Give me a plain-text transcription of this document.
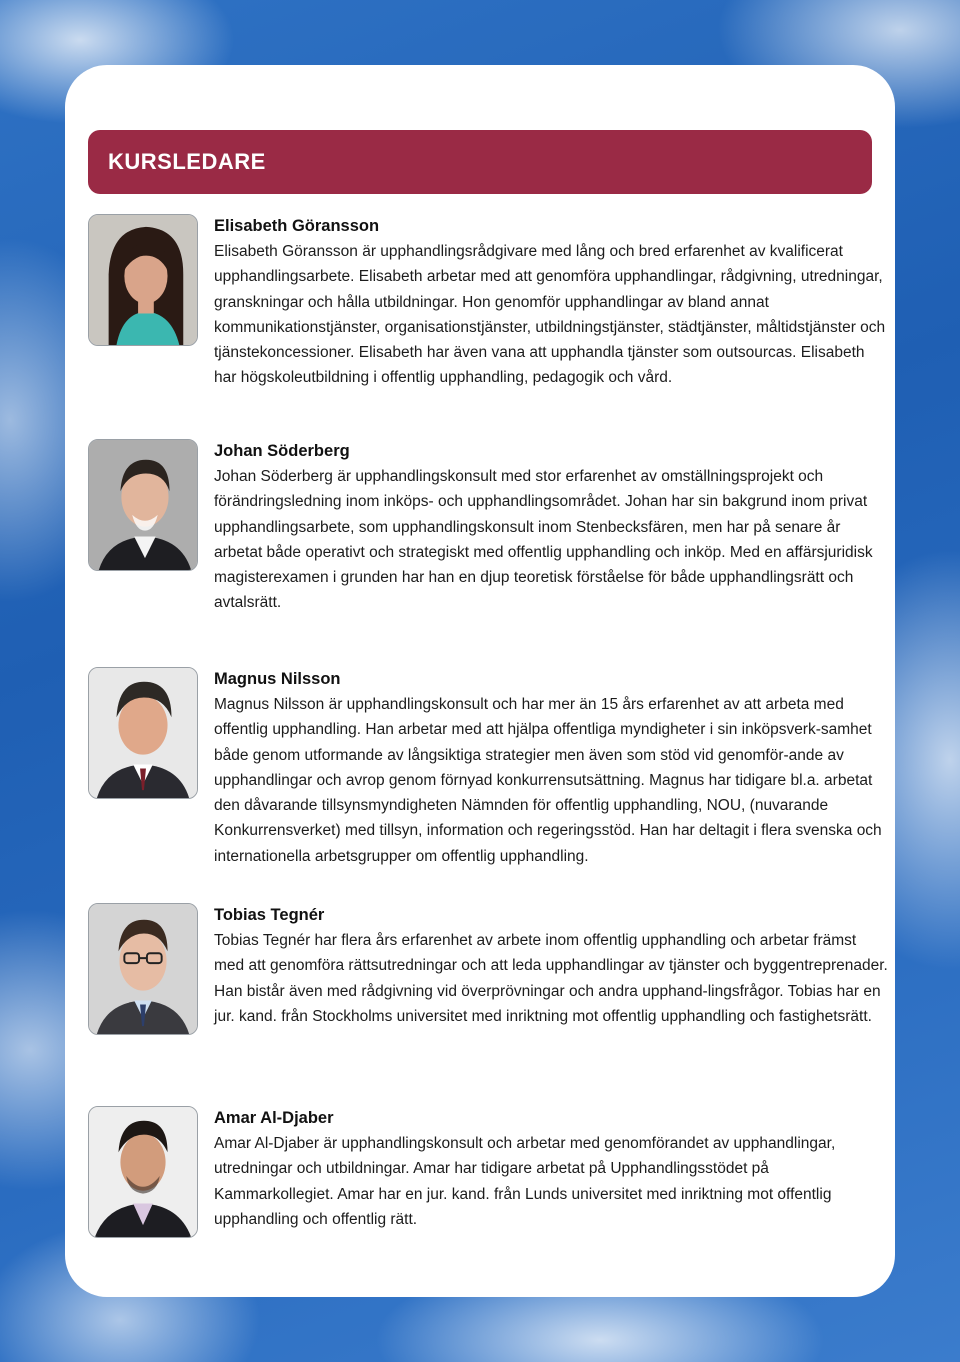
KURSLEDARE

Elisabeth Göransson

Elisabeth Göransson är upphandlingsrådgivare med lång och bred erfarenhet av kvalificerat upphandlingsarbete. Elisabeth arbetar med att genomföra upphandlingar, rådgivning, utredningar, granskningar och hålla utbildningar. Hon genomför upphandlingar av bland annat kommunikationstjänster, organisationstjänster, utbildningstjänster, städtjänster, måltidstjänster och tjänstekoncessioner. Elisabeth har även vana att upphandla tjänster som outsourcas. Elisabeth har högskoleutbildning i offentlig upphandling, pedagogik och vård.

Johan Söderberg

Johan Söderberg är upphandlingskonsult med stor erfarenhet av omställningsprojekt och förändringsledning inom inköps- och upphandlingsområdet. Johan har sin bakgrund inom privat upphandlingsarbete, som upphandlingskonsult inom Stenbecksfären, men har på senare år arbetat både operativt och strategiskt med offentlig upphandling och inköp. Med en affärsjuridisk magisterexamen i grunden har han en djup teoretisk förståelse för både upphandlingsrätt och avtalsrätt.

Magnus Nilsson

Magnus Nilsson är upphandlingskonsult och har mer än 15 års erfarenhet av att arbeta med offentlig upphandling. Han arbetar med att hjälpa offentliga myndigheter i sin inköpsverk-samhet både genom utformande av långsiktiga strategier men även som stöd vid genomför-ande av upphandlingar och avrop genom förnyad konkurrensutsättning. Magnus har tidigare bl.a. arbetat den dåvarande tillsynsmyndigheten Nämnden för offentlig upphandling, NOU, (nuvarande Konkurrensverket) med tillsyn, information och regeringsstöd. Han har deltagit i flera svenska och internationella arbetsgrupper om offentlig upphandling.

Tobias Tegnér

Tobias Tegnér har flera års erfarenhet av arbete inom offentlig upphandling och arbetar främst med att genomföra rättsutredningar och att leda upphandlingar av tjänster och byggentreprenader. Han bistår även med rådgivning vid överprövningar och andra upphand-lingsfrågor. Tobias har en jur. kand. från Stockholms universitet med inriktning mot offentlig upphandling och fastighetsrätt.

Amar Al-Djaber

Amar Al-Djaber är upphandlingskonsult och arbetar med genomförandet av upphandlingar, utredningar och utbildningar. Amar har tidigare arbetat på Upphandlingsstödet på Kammarkollegiet. Amar har en jur. kand. från Lunds universitet med inriktning mot offentlig upphandling och offentlig rätt.
